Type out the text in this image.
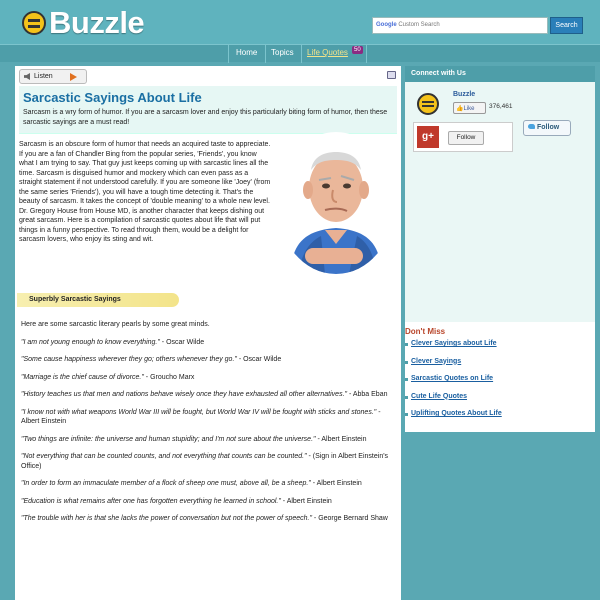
Buzzle	Google Custom Search	Search
Home Topics Life Quotes	50
Listen
Sarcastic Sayings About Life
Sarcasm is a wry form of humor. If you are a sarcasm lover and enjoy this particularly biting form of humor, then these sarcastic sayings are a must read!
Sarcasm is an obscure form of humor that needs an acquired taste to appreciate. If you are a fan of Chandler Bing from the popular series, 'Friends', you know what I am trying to say. That guy just keeps coming up with sarcastic lines all the time. Sarcasm is disguised humor and mockery which can even pass as a straight statement if not understood carefully. If you are someone like 'Joey' (from the same series 'Friends'), you will have a tough time detecting it. That's the beauty of sarcasm. It takes the concept of 'double meaning' to a whole new level. Dr. Gregory House from House MD, is another character that keeps dishing out great sarcasm. Here is a compilation of sarcastic quotes about life that will put things in a funny perspective. To read through them, would be a delight for sarcasm lovers, who enjoy its sting and wit.
Superbly Sarcastic Sayings
Here are some sarcastic literary pearls by some great minds.
"I am not young enough to know everything." - Oscar Wilde
"Some cause happiness wherever they go; others whenever they go." - Oscar Wilde
"Marriage is the chief cause of divorce." - Groucho Marx
"History teaches us that men and nations behave wisely once they have exhausted all other alternatives." - Abba Eban
"I know not with what weapons World War III will be fought, but World War IV will be fought with sticks and stones." - Albert Einstein
"Two things are infinite: the universe and human stupidity; and I'm not sure about the universe." - Albert Einstein
"Not everything that can be counted counts, and not everything that counts can be counted." - (Sign in Albert Einstein's Office)
"In order to form an immaculate member of a flock of sheep one must, above all, be a sheep." - Albert Einstein
"Education is what remains after one has forgotten everything he learned in school." - Albert Einstein
"The trouble with her is that she lacks the power of conversation but not the power of speech." - George Bernard Shaw
Connect with Us
Buzzle
👍Like	376,461
g+	Follow
Follow
Don't Miss
Clever Sayings about Life
Clever Sayings
Sarcastic Quotes on Life
Cute Life Quotes
Uplifting Quotes About Life
